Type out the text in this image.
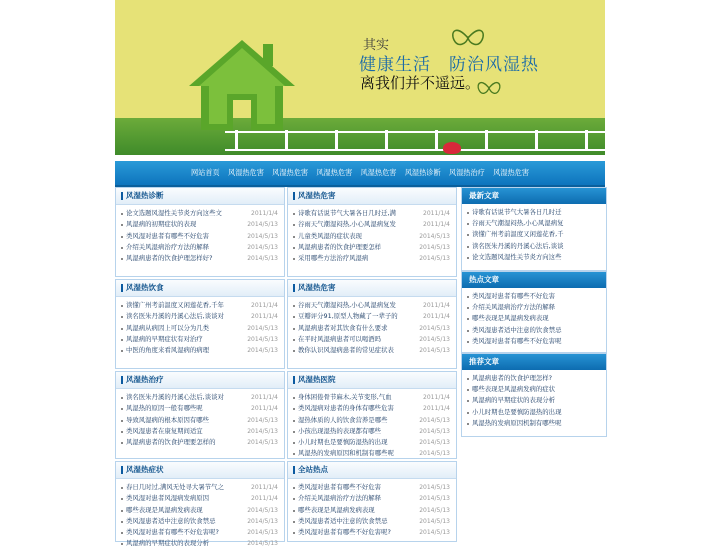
其实
健康生活　防治风湿热
离我们并不遥远。
网站首页 风湿热危害 风湿热危害 风湿热危害 风湿热危害 风湿热诊断 风湿热治疗 风湿热危害
风湿热诊断
论文选题风湿性关节炎方向这些文	2011/1/4
风湿病的初期症状的表现	2014/5/13
类风湿对患者有哪些不好危害	2014/5/13
介绍关风湿病治疗方法的解释	2014/5/13
风湿病患者的饮食护理怎样好?	2014/5/13
风湿热危害
诗歌有话说节气大暑各日几时迁,满	2011/1/4
谷雨天气潮湿闷热,小心风湿病复发	2011/1/4
儿童类风湿的症状表现	2014/5/13
风湿病患者的饮食护理要怎样	2014/5/13
采用哪些方法治疗风湿病	2014/5/13
风湿热饮食
读懂广州考前温度又闲莲花香,千年	2011/1/4
读名医朱丹溪的丹溪心法后,谈谈对	2011/1/4
风湿病从病因上可以分为几类	2014/5/13
风湿病的早期症状有对治疗	2014/5/13
中医的角度来看风湿病的病理	2014/5/13
风湿热危害
谷雨天气潮湿闷热,小心风湿病复发	2011/1/4
豆瓣评分91,原型人物藏了一辈子的	2011/1/4
风湿病患者对其饮食有什么要求	2014/5/13
在平时风湿病患者可以喝酒吗	2014/5/13
教你认识风湿病患者的常见症状表	2014/5/13
风湿热治疗
读名医朱丹溪的丹溪心法后,谈谈对	2011/1/4
风湿热的原因一般有哪些呢	2011/1/4
导致风湿病的根本原因有哪些	2014/5/13
类风湿患者在康复期间适宜	2014/5/13
风湿病患者的饮食护理要怎样的	2014/5/13
风湿热医院
身体困倦骨节麻木,关节变形,气血	2011/1/4
类风湿病对患者的身体有哪些危害	2011/1/4
湿热体质的人的饮食营养是哪些	2014/5/13
小孩出现湿热的表现都有哪些	2014/5/13
小儿时期也是要慎防湿热的出现	2014/5/13
风湿热的发病原因和机制有哪些呢	2014/5/13
风湿热症状
春日几时过,满风无处寻大暑节气之	2011/1/4
类风湿对患者风湿病发病原因	2011/1/4
哪些表现是风湿病发病表现	2014/5/13
类风湿患者适中注意的饮食禁忌	2014/5/13
类风湿对患者有哪些不好危害呢?	2014/5/13
风湿病的早期症状的表现分析	2014/5/13
全站热点
类风湿对患者有哪些不好危害	2014/5/13
介绍关风湿病治疗方法的解释	2014/5/13
哪些表现是风湿病发病表现	2014/5/13
类风湿患者适中注意的饮食禁忌	2014/5/13
类风湿对患者有哪些不好危害呢?	2014/5/13
最新文章
诗歌有话说节气大暑各日几时迁
谷雨天气潮湿闷热,小心风湿病复
读懂广州考前温度又闲莲花香,千
读名医朱丹溪的丹溪心法后,谈谈
论文选题风湿性关节炎方向这些
热点文章
类风湿对患者有哪些不好危害
介绍关风湿病治疗方法的解释
哪些表现是风湿病发病表现
类风湿患者适中注意的饮食禁忌
类风湿对患者有哪些不好危害呢
推荐文章
风湿病患者的饮食护理怎样?
哪些表现是风湿病发病的症状
风湿病的早期症状的表现分析
小儿时期也是要慎防湿热的出现
风湿热的发病原因机制有哪些呢
